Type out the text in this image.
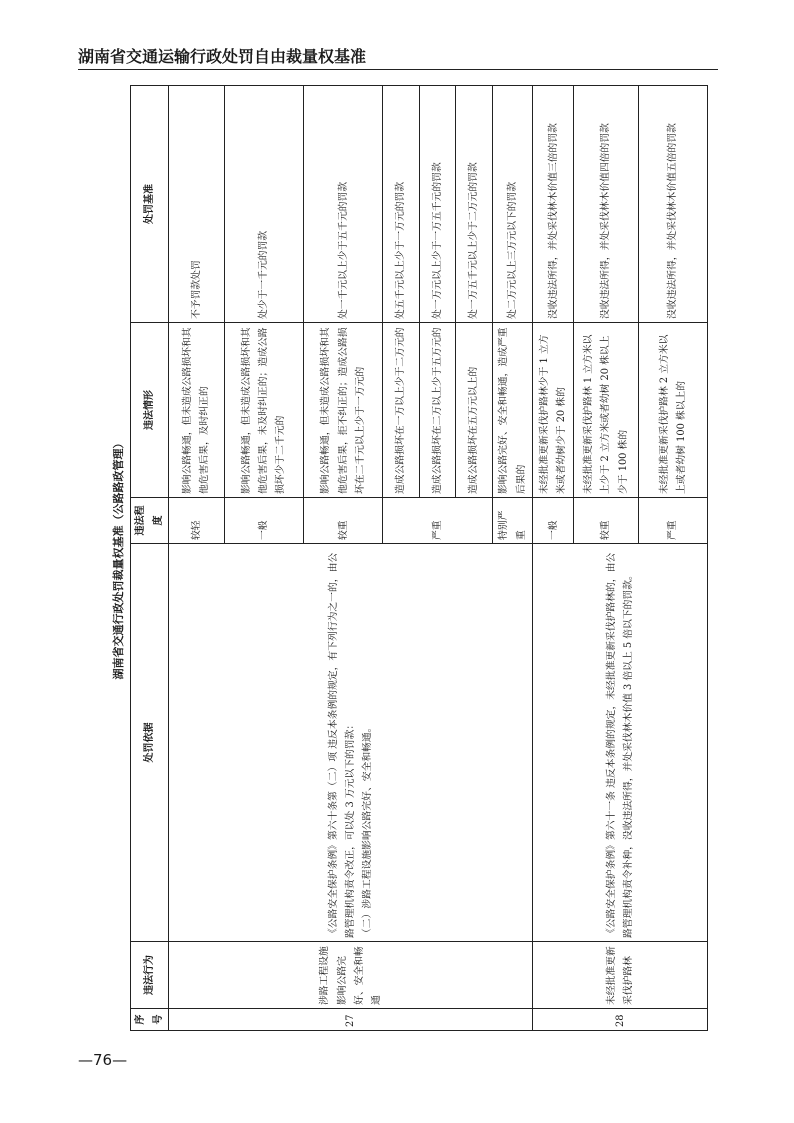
湖南省交通运输行政处罚自由裁量权基准
湖南省交通行政处罚裁量权基准（公路路政管理）
序号	违法行为	处罚依据	违法程度	违法情形	处罚基准
27	涉路工程设施影响公路完好、安全和畅通	《公路安全保护条例》第六十条第（二）项 违反本条例的规定，有下列行为之一的，由公路管理机构责令改正，可以处 3 万元以下的罚款： （二）涉路工程设施影响公路完好、安全和畅通。	较轻	影响公路畅通，但未造成公路损坏和其他危害后果，及时纠正的	不予罚款处罚
			一般	影响公路畅通，但未造成公路损坏和其他危害后果，未及时纠正的；造成公路损坏少于二千元的	处少于一千元的罚款
			较重	影响公路畅通，但未造成公路损坏和其他危害后果，拒不纠正的；造成公路损坏在二千元以上少于一万元的	处一千元以上少于五千元的罚款
			严重	造成公路损坏在一万以上少于二万元的	处五千元以上少于一万元的罚款
				造成公路损坏在二万以上少于五万元的	处一万元以上少于一万五千元的罚款
				造成公路损坏在五万元以上的	处一万五千元以上少于二万元的罚款
			特别严重	影响公路完好、安全和畅通，造成严重后果的	处二万元以上三万元以下的罚款
28	未经批准更新采伐护路林	《公路安全保护条例》第六十一条 违反本条例的规定，未经批准更新采伐护路林的，由公路管理机构责令补种，没收违法所得，并处采伐林木价值 3 倍以上 5 倍以下的罚款。	一般	未经批准更新采伐护路林少于 1 立方米或者幼树少于 20 株的	没收违法所得，并处采伐林木价值三倍的罚款
			较重	未经批准更新采伐护路林 1 立方米以上少于 2 立方米或者幼树 20 株以上少于 100 株的	没收违法所得，并处采伐林木价值四倍的罚款
			严重	未经批准更新采伐护路林 2 立方米以上或者幼树 100 株以上的	没收违法所得，并处采伐林木价值五倍的罚款
—76—
